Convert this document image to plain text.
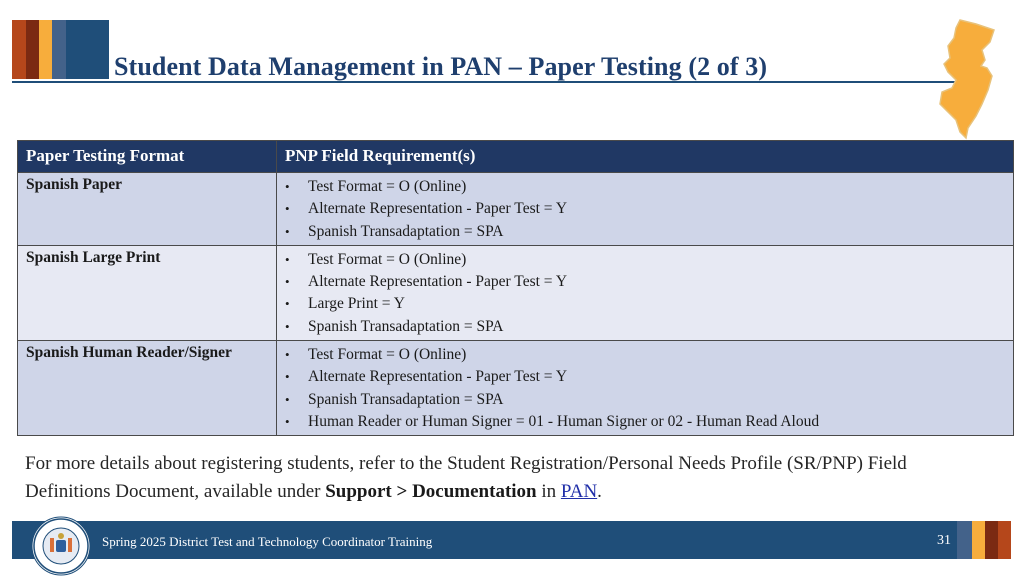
Student Data Management in PAN – Paper Testing (2 of 3)
Paper Testing Format	PNP Field Requirement(s)
Spanish Paper	
•Test Format = O (Online)
• Alternate Representation - Paper Test = Y
• Spanish Transadaptation = SPA

Spanish Large Print	
•Test Format = O (Online)
• Alternate Representation - Paper Test = Y
• Large Print = Y
• Spanish Transadaptation = SPA

Spanish Human Reader/Signer	
•Test Format = O (Online)
• Alternate Representation - Paper Test = Y
• Spanish Transadaptation = SPA
• Human Reader or Human Signer = 01 - Human Signer or 02 - Human Read Aloud
For more details about registering students, refer to the Student Registration/Personal Needs Profile (SR/PNP) Field Definitions Document, available under Support > Documentation in PAN.
Spring 2025 District Test and Technology Coordinator Training	31
